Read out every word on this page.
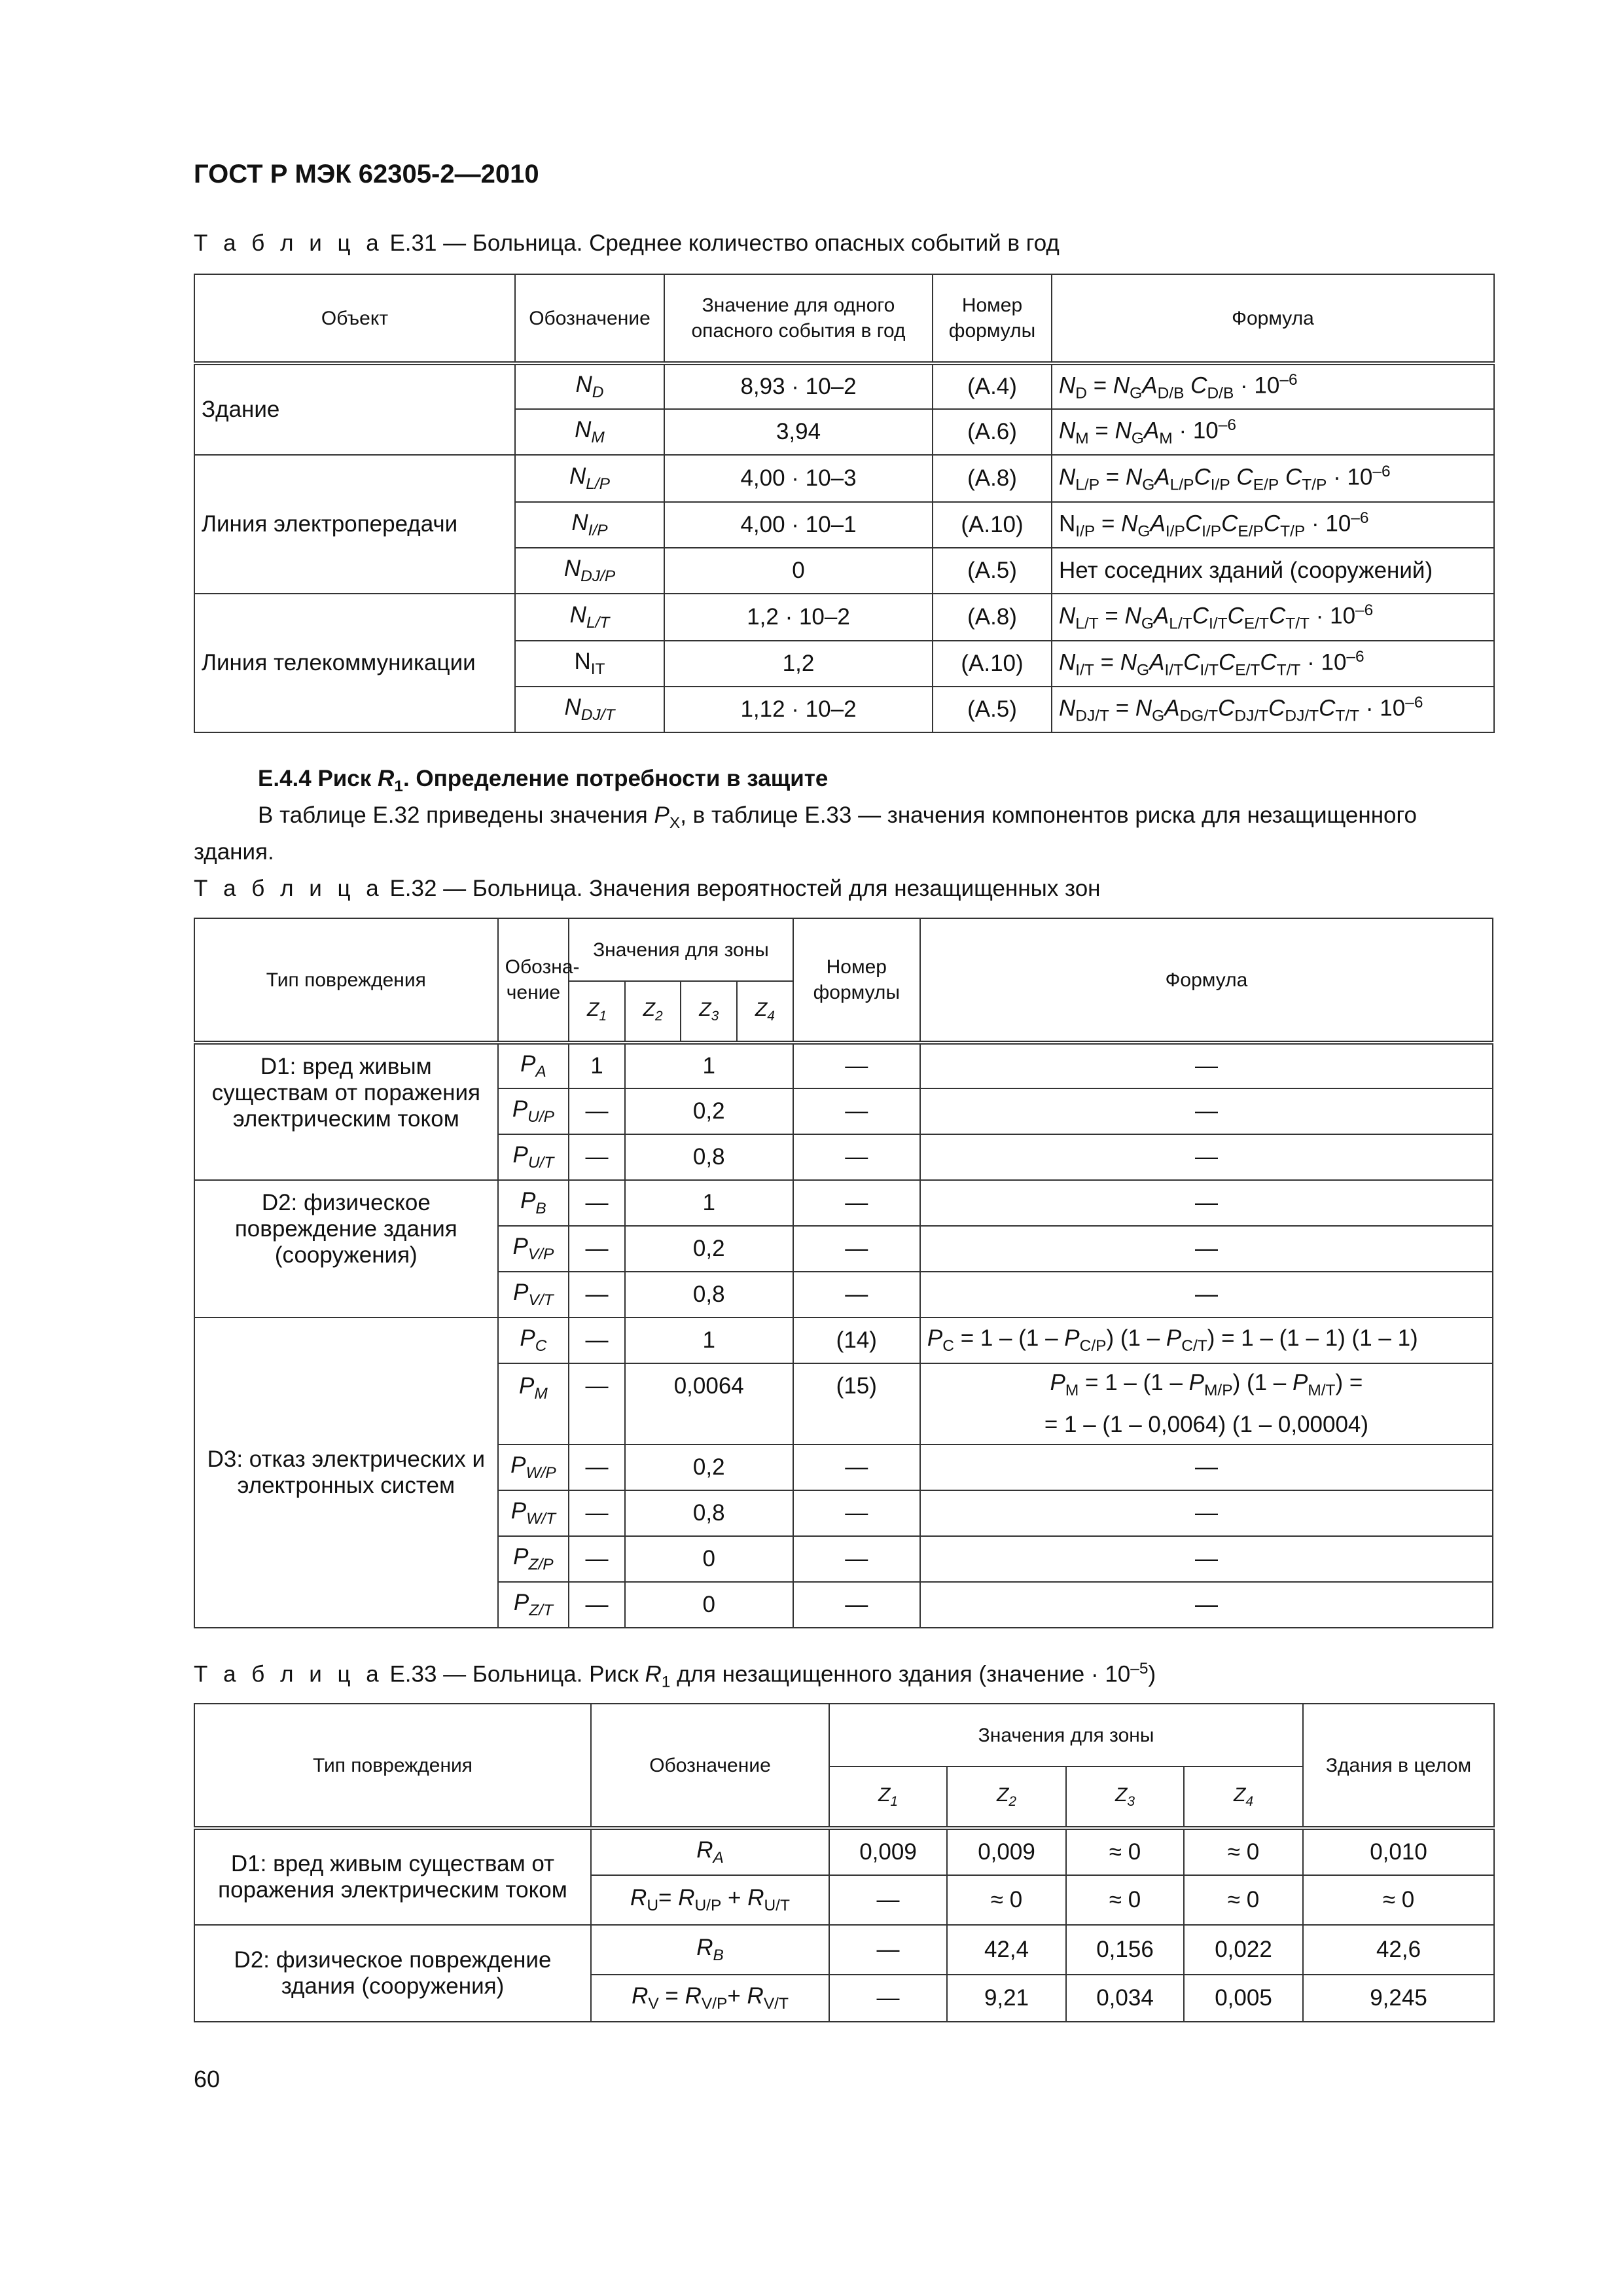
ГОСТ Р МЭК 62305-2—2010
Т а б л и ц а Е.31 — Больница. Среднее количество опасных событий в год
Объект	Обозначение	Значение для одного опасного события в год	Номер формулы	Формула
Здание	$N_D$	8,93 · 10–2	(А.4)	$N_D = N_GA_{D/B}$ $C_{D/B} \cdot 10^{-6}$
	$N_M$	3,94	(А.6)	$N_M = N_GA_M \cdot 10^{-6}$
Линия электропередачи	$N_{L/P}$	4,00 · 10–3	(А.8)	$N_{L/P} = N_GA_{L/P}C_{I/P}$ $C_{E/P}$ $C_{T/P} \cdot 10^{-6}$
	$N_{I/P}$	4,00 · 10–1	(А.10)	$N_{I/P} = N_GA_{I/P}C_{I/P}C_{E/P}C_{T/P} \cdot 10^{-6}$
	$N_{DJ/P}$	0	(А.5)	Нет соседних зданий (сооружений)
Линия телекоммуникации	$N_{L/T}$	1,2 · 10–2	(А.8)	$N_{L/T} = N_GA_{L/T}C_{I/T}C_{E/T}C_{T/T} \cdot 10^{-6}$
	$N_{IT}$	1,2	(А.10)	$N_{I/T} = N_GA_{I/T}C_{I/T}C_{E/T}C_{T/T} \cdot 10^{-6}$
	$N_{DJ/T}$	1,12 · 10–2	(А.5)	$N_{DJ/T} = N_GA_{DG/T}C_{DJ/T}C_{DJ/T}C_{T/T} \cdot 10^{-6}$
Е.4.4 Риск $R_1$. Определение потребности в защите
В таблице Е.32 приведены значения $P_X$, в таблице Е.33 — значения компонентов риска для незащищенного здания.
Т а б л и ц а Е.32 — Больница. Значения вероятностей для незащищенных зон
Тип повреждения	Обозна-чение	Значения для зоны				Номер формулы	Формула
		$Z_1$	$Z_2$	$Z_3$	$Z_4$
D1: вред живым существам от поражения электрическим током	$P_A$	1	1			—	—
	$P_{U/P}$	—	0,2			—	—
	$P_{U/T}$	—	0,8			—	—
D2: физическое повреждение здания (сооружения)	$P_B$	—	1			—	—
	$P_{V/P}$	—	0,2			—	—
	$P_{V/T}$	—	0,8			—	—
D3: отказ электрических и электронных систем	$P_C$	—	1			(14)	$P_C = 1 - (1 - P_{C/P})$ $(1 - P_{C/T}) = 1 - (1 - 1)$ (1 – 1)
	$P_M$	—	0,0064			(15)	$P_M = 1 - (1 - P_{M/P})$ $(1 - P_{M/T})$ =
= 1 – (1 – 0,0064) (1 – 0,00004)
	$P_{W/P}$	—	0,2			—	—
	$P_{W/T}$	—	0,8			—	—
	$P_{Z/P}$	—	0			—	—
	$P_{Z/T}$	—	0			—	—
Т а б л и ц а Е.33 — Больница. Риск $R_1$ для незащищенного здания (значение · $10^{-5}$)
Тип повреждения	Обозначение	Значения для зоны				Здания в целом
		$Z_1$	$Z_2$	$Z_3$	$Z_4$
D1: вред живым существам от поражения электрическим током	$R_A$	0,009	0,009	≈ 0	≈ 0	0,010
	$R_U= R_{U/P} + R_{U/T}$	—	≈ 0	≈ 0	≈ 0	≈ 0
D2: физическое повреждение здания (сооружения)	$R_B$	—	42,4	0,156	0,022	42,6
	$R_V = R_{V/P}+ R_{V/T}$	—	9,21	0,034	0,005	9,245
60
